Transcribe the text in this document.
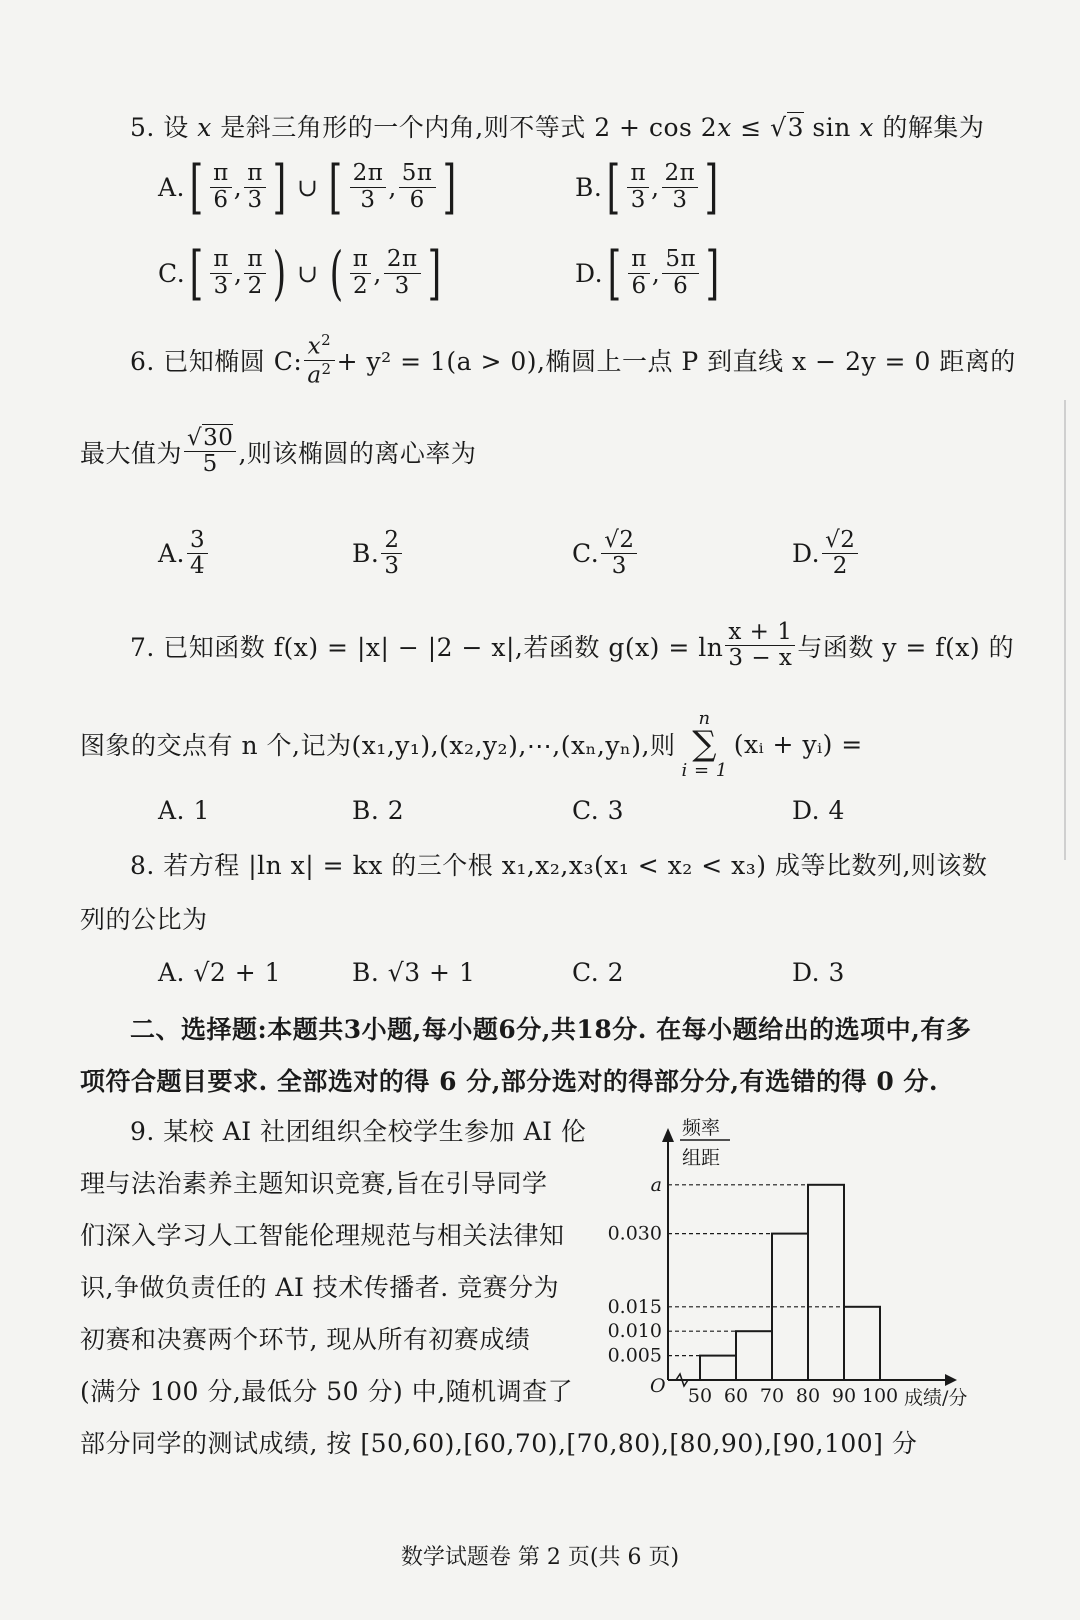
5. 设 x 是斜三角形的一个内角,则不等式 2 + cos 2x ≤ √3 sin x 的解集为
A. [ $\frac{\pi}{6}$ , $\frac{\pi}{3}$ ] ∪ [ $\frac{2\pi}{3}$ , $\frac{5\pi}{6}$ ]	B. [ $\frac{\pi}{3}$ , $\frac{2\pi}{3}$ ]
C. [ $\frac{\pi}{3}$ , $\frac{\pi}{2}$ ) ∪ ( $\frac{\pi}{2}$ , $\frac{2\pi}{3}$ ]	D. [ $\frac{\pi}{6}$ , $\frac{5\pi}{6}$ ]
6. 已知椭圆 C: $\frac{x^2}{a^2} + y^2 = 1(a > 0)$,椭圆上一点 P 到直线 x − 2y = 0 距离的
最大值为 $\frac{√30}{5}$ ,则该椭圆的离心率为
A. $\frac{3}{4}$	B. $\frac{2}{3}$	C. $\frac{√2}{3}$	D. $\frac{√2}{2}$
7. 已知函数 f(x) = |x| − |2 − x|,若函数 $g(x) = \ln \frac{x + 1}{3 - x}$ 与函数 y = f(x) 的
图象的交点有 n 个,记为(x₁,y₁),(x₂,y₂),⋯,(xₙ,yₙ),则
n
∑
i = 1
(xᵢ + yᵢ) =
A. 1	B. 2	C. 3	D. 4
8. 若方程 |ln x| = kx 的三个根 x₁,x₂,x₃(x₁ < x₂ < x₃) 成等比数列,则该数
列的公比为
A. √2 + 1	B. √3 + 1	C. 2	D. 3
二、选择题:本题共3小题,每小题6分,共18分. 在每小题给出的选项中,有多
项符合题目要求. 全部选对的得 6 分,部分选对的得部分分,有选错的得 0 分.
9. 某校 AI 社团组织全校学生参加 AI 伦
理与法治素养主题知识竞赛,旨在引导同学
们深入学习人工智能伦理规范与相关法律知
识,争做负责任的 AI 技术传播者. 竞赛分为
初赛和决赛两个环节, 现从所有初赛成绩
(满分 100 分,最低分 50 分) 中,随机调查了
部分同学的测试成绩, 按 [50,60),[60,70),[70,80),[80,90),[90,100] 分
频率
组距
O
0.005
0.010
0.030
a
0.015
50 60 70 80 90 100 成绩/分
数学试题卷 第 2 页(共 6 页)
